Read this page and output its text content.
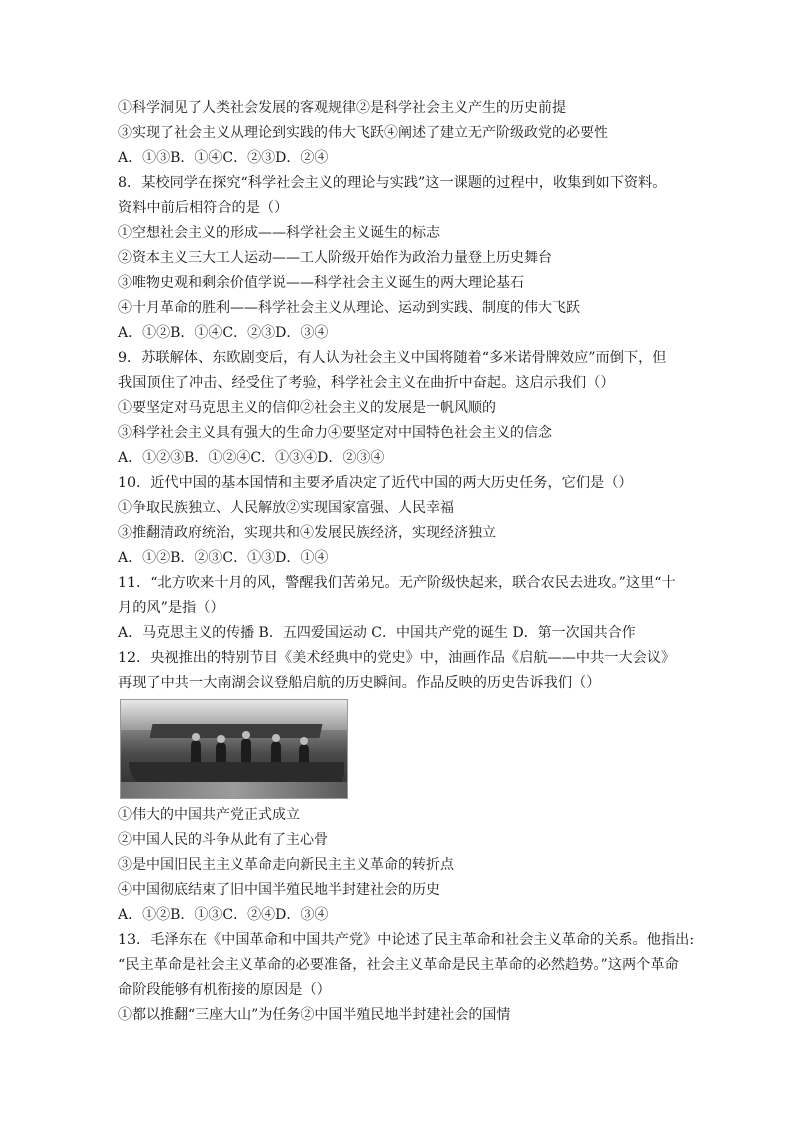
①科学洞见了人类社会发展的客观规律②是科学社会主义产生的历史前提
③实现了社会主义从理论到实践的伟大飞跃④阐述了建立无产阶级政党的必要性
A．①③B．①④C．②③D．②④
8．某校同学在探究“科学社会主义的理论与实践”这一课题的过程中，收集到如下资料。
资料中前后相符合的是（）
①空想社会主义的形成——科学社会主义诞生的标志
②资本主义三大工人运动——工人阶级开始作为政治力量登上历史舞台
③唯物史观和剩余价值学说——科学社会主义诞生的两大理论基石
④十月革命的胜利——科学社会主义从理论、运动到实践、制度的伟大飞跃
A．①②B．①④C．②③D．③④
9．苏联解体、东欧剧变后，有人认为社会主义中国将随着“多米诺骨牌效应”而倒下，但
我国顶住了冲击、经受住了考验，科学社会主义在曲折中奋起。这启示我们（）
①要坚定对马克思主义的信仰②社会主义的发展是一帆风顺的
③科学社会主义具有强大的生命力④要坚定对中国特色社会主义的信念
A．①②③B．①②④C．①③④D．②③④
10．近代中国的基本国情和主要矛盾决定了近代中国的两大历史任务，它们是（）
①争取民族独立、人民解放②实现国家富强、人民幸福
③推翻清政府统治，实现共和④发展民族经济，实现经济独立
A．①②B．②③C．①③D．①④
11．“北方吹来十月的风，警醒我们苦弟兄。无产阶级快起来，联合农民去进攻。”这里“十
月的风”是指（）
A．马克思主义的传播 B．五四爱国运动 C．中国共产党的诞生 D．第一次国共合作
12．央视推出的特别节目《美术经典中的党史》中，油画作品《启航——中共一大会议》
再现了中共一大南湖会议登船启航的历史瞬间。作品反映的历史告诉我们（）
①伟大的中国共产党正式成立
②中国人民的斗争从此有了主心骨
③是中国旧民主主义革命走向新民主主义革命的转折点
④中国彻底结束了旧中国半殖民地半封建社会的历史
A．①②B．①③C．②④D．③④
13．毛泽东在《中国革命和中国共产党》中论述了民主革命和社会主义革命的关系。他指出:
“民主革命是社会主义革命的必要准备，社会主义革命是民主革命的必然趋势。”这两个革命
命阶段能够有机衔接的原因是（）
①都以推翻“三座大山”为任务②中国半殖民地半封建社会的国情
